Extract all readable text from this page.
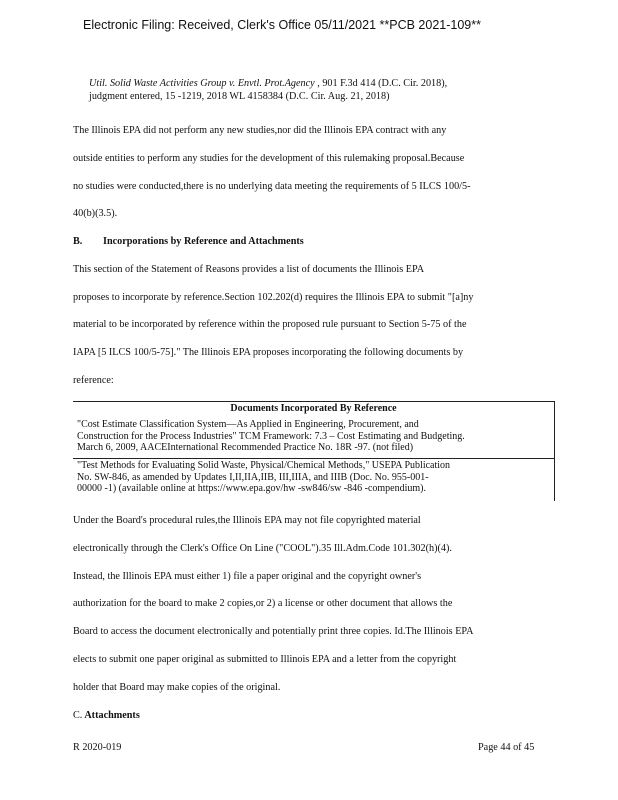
Electronic Filing: Received, Clerk's Office 05/11/2021 **PCB 2021-109**
Util. Solid Waste Activities Group v. Envtl. Prot.Agency , 901 F.3d 414 (D.C. Cir. 2018),
judgment entered, 15 -1219, 2018 WL 4158384 (D.C. Cir. Aug. 21, 2018)
The Illinois EPA did not perform any new studies,nor did the Illinois EPA contract with any
outside entities to perform any studies for the development of this rulemaking proposal.Because
no studies were conducted,there is no underlying data meeting the requirements of 5 ILCS 100/5-
40(b)(3.5).
B. Incorporations by Reference and Attachments
This section of the Statement of Reasons provides a list of documents the Illinois EPA
proposes to incorporate by reference.Section 102.202(d) requires the Illinois EPA to submit "[a]ny
material to be incorporated by reference within the proposed rule pursuant to Section 5-75 of the
IAPA [5 ILCS 100/5-75]." The Illinois EPA proposes incorporating the following documents by
reference:
Documents Incorporated By Reference
"Cost Estimate Classification System—As Applied in Engineering, Procurement, and
Construction for the Process Industries" TCM Framework: 7.3 – Cost Estimating and Budgeting.
March 6, 2009, AACEInternational Recommended Practice No. 18R -97. (not filed)
"Test Methods for Evaluating Solid Waste, Physical/Chemical Methods," USEPA Publication
No. SW-846, as amended by Updates I,II,IIA,IIB, III,IIIA, and IIIB (Doc. No. 955-001-
00000 -1) (available online at https://www.epa.gov/hw -sw846/sw -846 -compendium).
Under the Board's procedural rules,the Illinois EPA may not file copyrighted material
electronically through the Clerk's Office On Line ("COOL").35 Ill.Adm.Code 101.302(h)(4).
Instead, the Illinois EPA must either 1) file a paper original and the copyright owner's
authorization for the board to make 2 copies,or 2) a license or other document that allows the
Board to access the document electronically and potentially print three copies. Id.The Illinois EPA
elects to submit one paper original as submitted to Illinois EPA and a letter from the copyright
holder that Board may make copies of the original.
C. Attachments
R 2020-019	Page 44 of 45
